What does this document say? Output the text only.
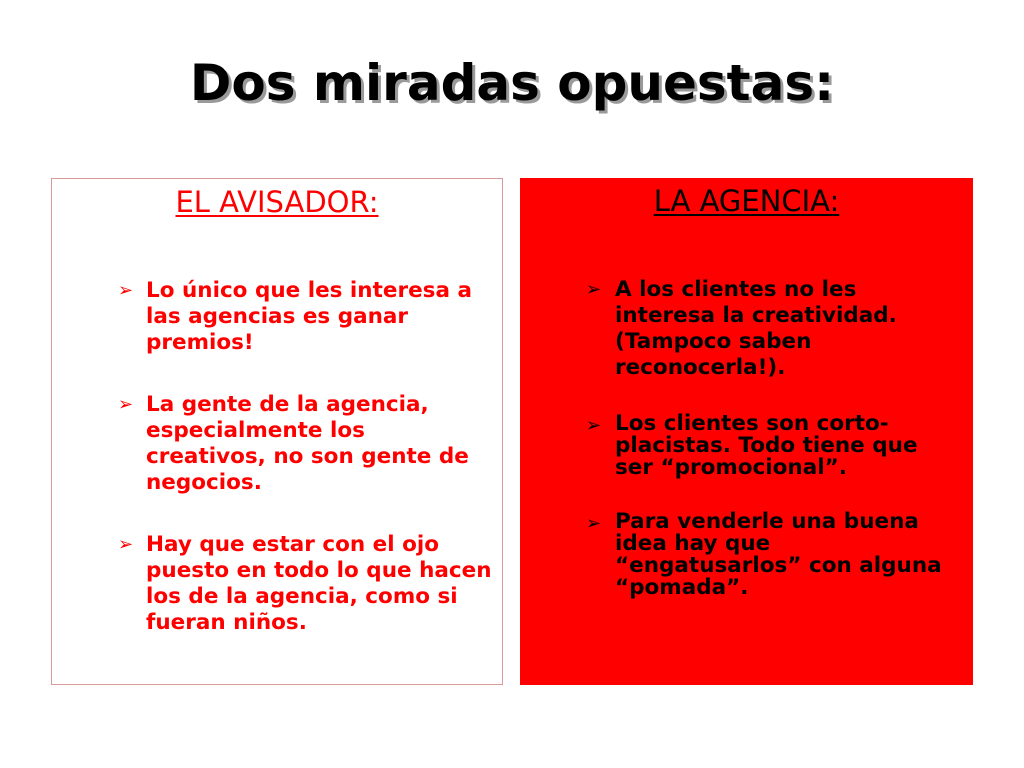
Dos miradas opuestas:
EL AVISADOR:
➢ Lo único que les interesa a las agencias es ganar premios!
➢ La gente de la agencia, especialmente los creativos, no son gente de negocios.
➢ Hay que estar con el ojo puesto en todo lo que hacen los de la agencia, como si fueran niños.
LA AGENCIA:
➢ A los clientes no les interesa la creatividad. (Tampoco saben reconocerla!).
➢ Los clientes son corto-placistas. Todo tiene que ser “promocional”.
➢ Para venderle una buena idea hay que “engatusarlos” con alguna “pomada”.
